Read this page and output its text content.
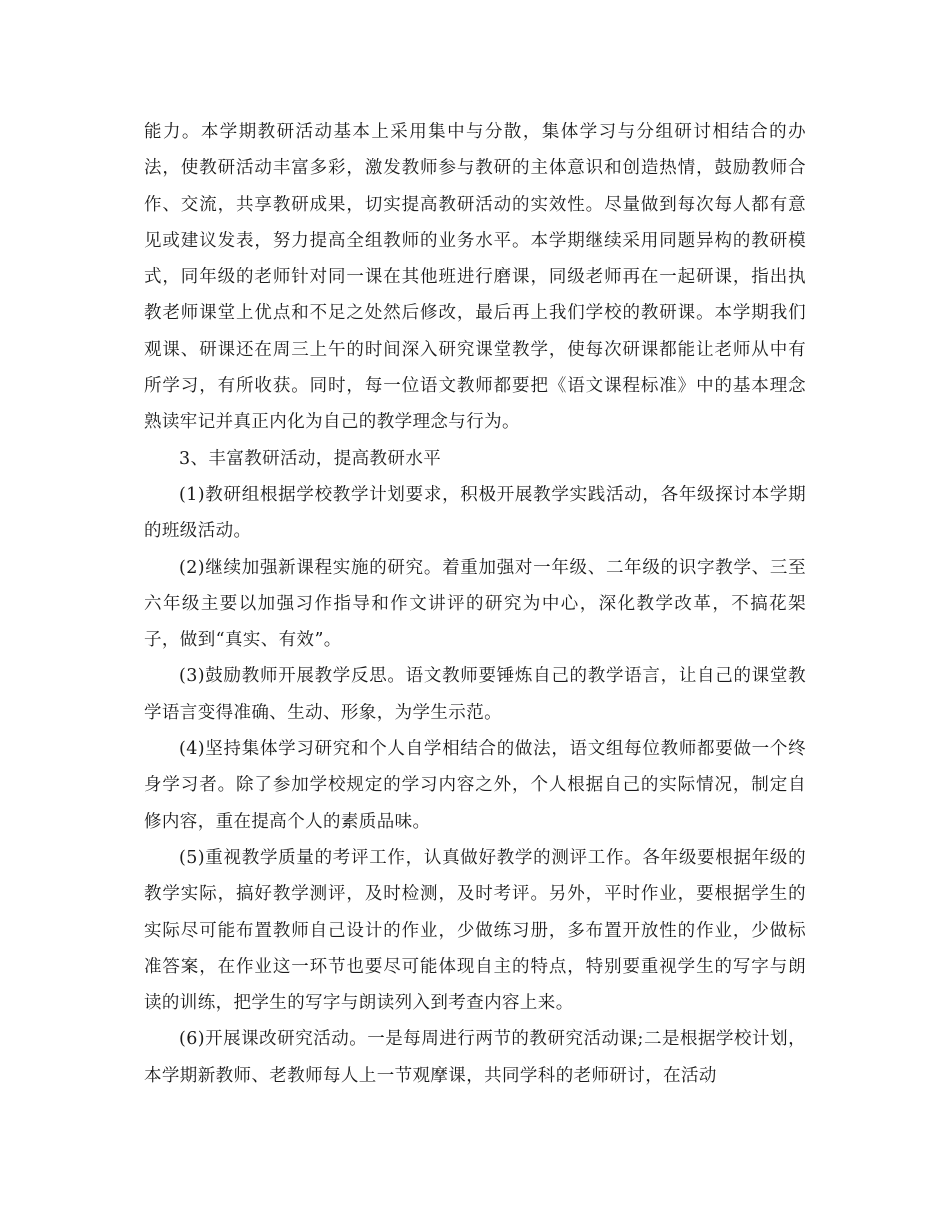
能力。本学期教研活动基本上采用集中与分散，集体学习与分组研讨相结合的办法，使教研活动丰富多彩，激发教师参与教研的主体意识和创造热情，鼓励教师合作、交流，共享教研成果，切实提高教研活动的实效性。尽量做到每次每人都有意见或建议发表，努力提高全组教师的业务水平。本学期继续采用同题异构的教研模式，同年级的老师针对同一课在其他班进行磨课，同级老师再在一起研课，指出执教老师课堂上优点和不足之处然后修改，最后再上我们学校的教研课。本学期我们观课、研课还在周三上午的时间深入研究课堂教学，使每次研课都能让老师从中有所学习，有所收获。同时，每一位语文教师都要把《语文课程标准》中的基本理念熟读牢记并真正内化为自己的教学理念与行为。

3、丰富教研活动，提高教研水平

(1)教研组根据学校教学计划要求，积极开展教学实践活动，各年级探讨本学期的班级活动。

(2)继续加强新课程实施的研究。着重加强对一年级、二年级的识字教学、三至六年级主要以加强习作指导和作文讲评的研究为中心，深化教学改革，不搞花架子，做到“真实、有效”。

(3)鼓励教师开展教学反思。语文教师要锤炼自己的教学语言，让自己的课堂教学语言变得准确、生动、形象，为学生示范。

(4)坚持集体学习研究和个人自学相结合的做法，语文组每位教师都要做一个终身学习者。除了参加学校规定的学习内容之外，个人根据自己的实际情况，制定自修内容，重在提高个人的素质品味。

(5)重视教学质量的考评工作，认真做好教学的测评工作。各年级要根据年级的教学实际，搞好教学测评，及时检测，及时考评。另外，平时作业，要根据学生的实际尽可能布置教师自己设计的作业，少做练习册，多布置开放性的作业，少做标准答案，在作业这一环节也要尽可能体现自主的特点，特别要重视学生的写字与朗读的训练，把学生的写字与朗读列入到考查内容上来。

(6)开展课改研究活动。一是每周进行两节的教研究活动课;二是根据学校计划，本学期新教师、老教师每人上一节观摩课，共同学科的老师研讨，在活动
